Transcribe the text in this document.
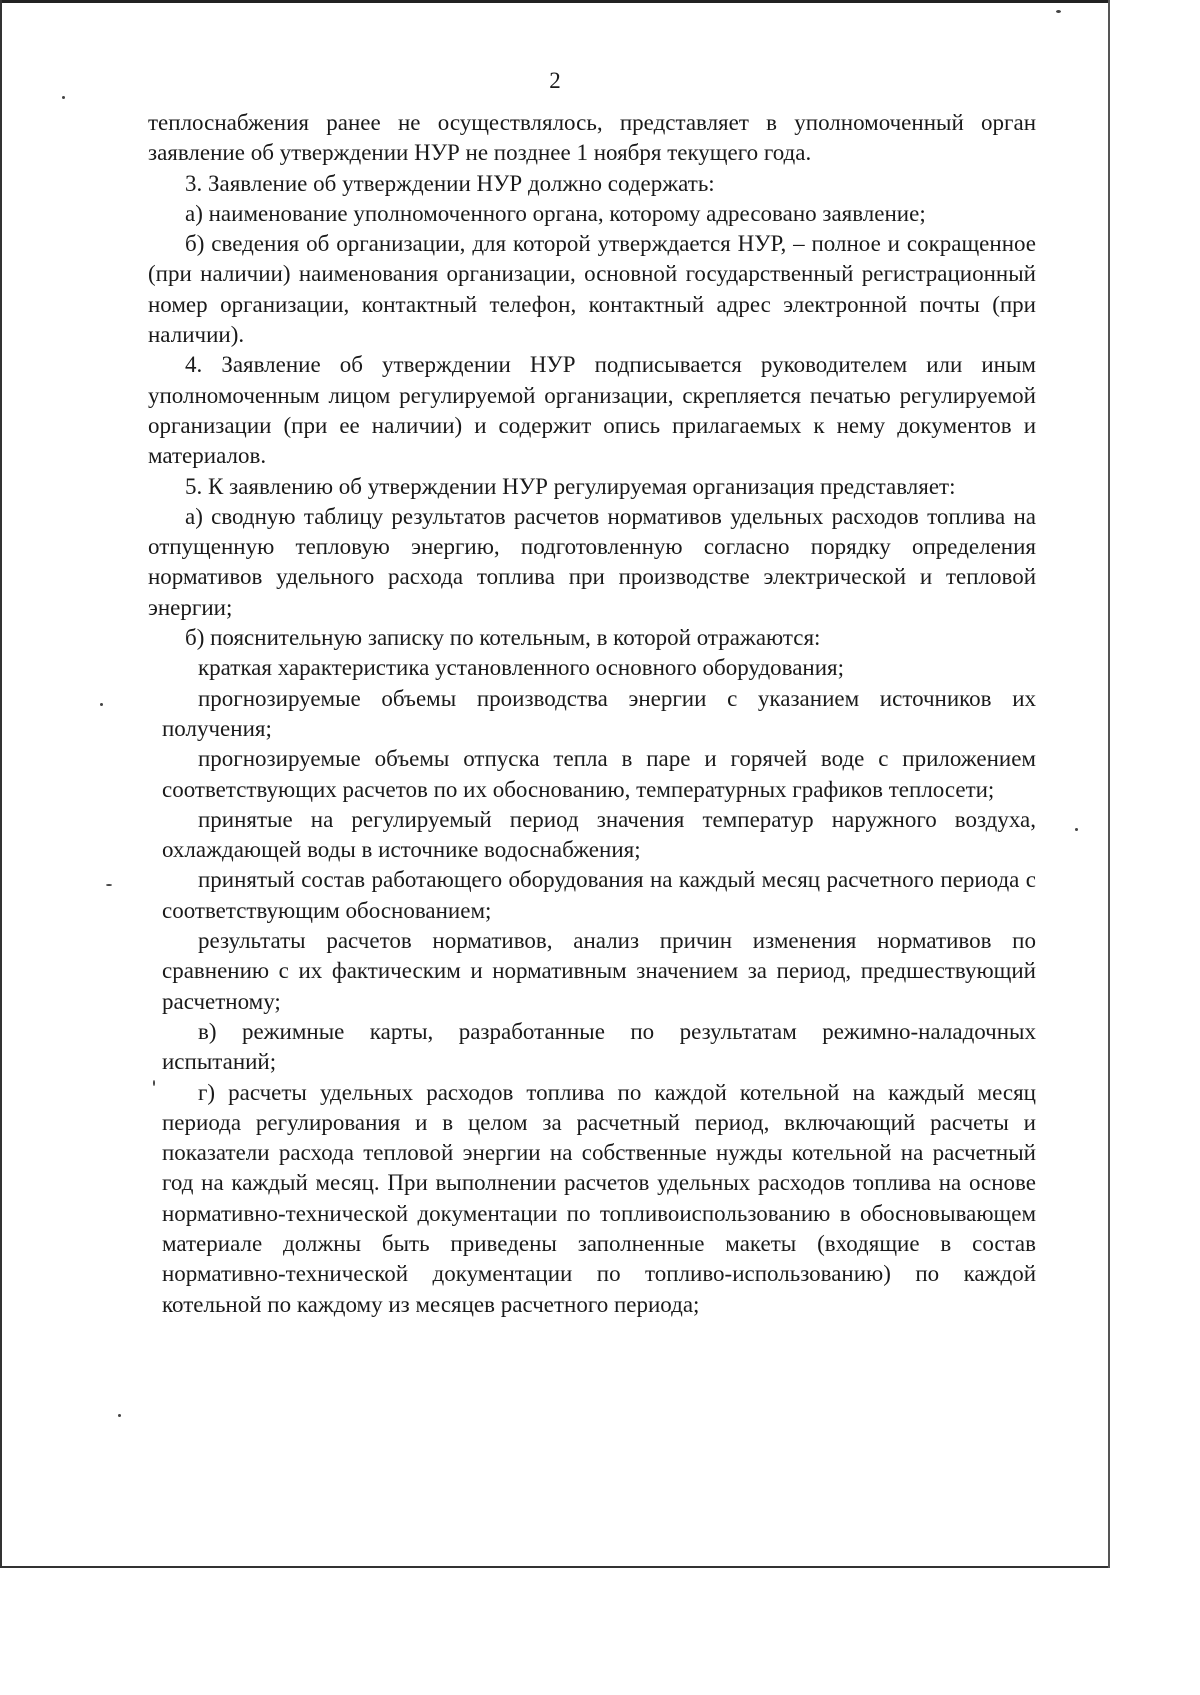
2

теплоснабжения ранее не осуществлялось, представляет в уполномоченный орган заявление об утверждении НУР не позднее 1 ноября текущего года.

3. Заявление об утверждении НУР должно содержать:

а) наименование уполномоченного органа, которому адресовано заявление;

б) сведения об организации, для которой утверждается НУР, – полное и сокращенное (при наличии) наименования организации, основной государственный регистрационный номер организации, контактный телефон, контактный адрес электронной почты (при наличии).

4. Заявление об утверждении НУР подписывается руководителем или иным уполномоченным лицом регулируемой организации, скрепляется печатью регулируемой организации (при ее наличии) и содержит опись прилагаемых к нему документов и материалов.

5. К заявлению об утверждении НУР регулируемая организация представляет:

а) сводную таблицу результатов расчетов нормативов удельных расходов топлива на отпущенную тепловую энергию, подготовленную согласно порядку определения нормативов удельного расхода топлива при производстве электрической и тепловой энергии;

б) пояснительную записку по котельным, в которой отражаются:

краткая характеристика установленного основного оборудования;

прогнозируемые объемы производства энергии с указанием источников их получения;

прогнозируемые объемы отпуска тепла в паре и горячей воде с приложением соответствующих расчетов по их обоснованию, температурных графиков теплосети;

принятые на регулируемый период значения температур наружного воздуха, охлаждающей воды в источнике водоснабжения;

принятый состав работающего оборудования на каждый месяц расчетного периода с соответствующим обоснованием;

результаты расчетов нормативов, анализ причин изменения нормативов по сравнению с их фактическим и нормативным значением за период, предшествующий расчетному;

в) режимные карты, разработанные по результатам режимно-наладочных испытаний;

г) расчеты удельных расходов топлива по каждой котельной на каждый месяц периода регулирования и в целом за расчетный период, включающий расчеты и показатели расхода тепловой энергии на собственные нужды котельной на расчетный год на каждый месяц. При выполнении расчетов удельных расходов топлива на основе нормативно-технической документации по топливоиспользованию в обосновывающем материале должны быть приведены заполненные макеты (входящие в состав нормативно-технической документации по топливо-использованию) по каждой котельной по каждому из месяцев расчетного периода;
